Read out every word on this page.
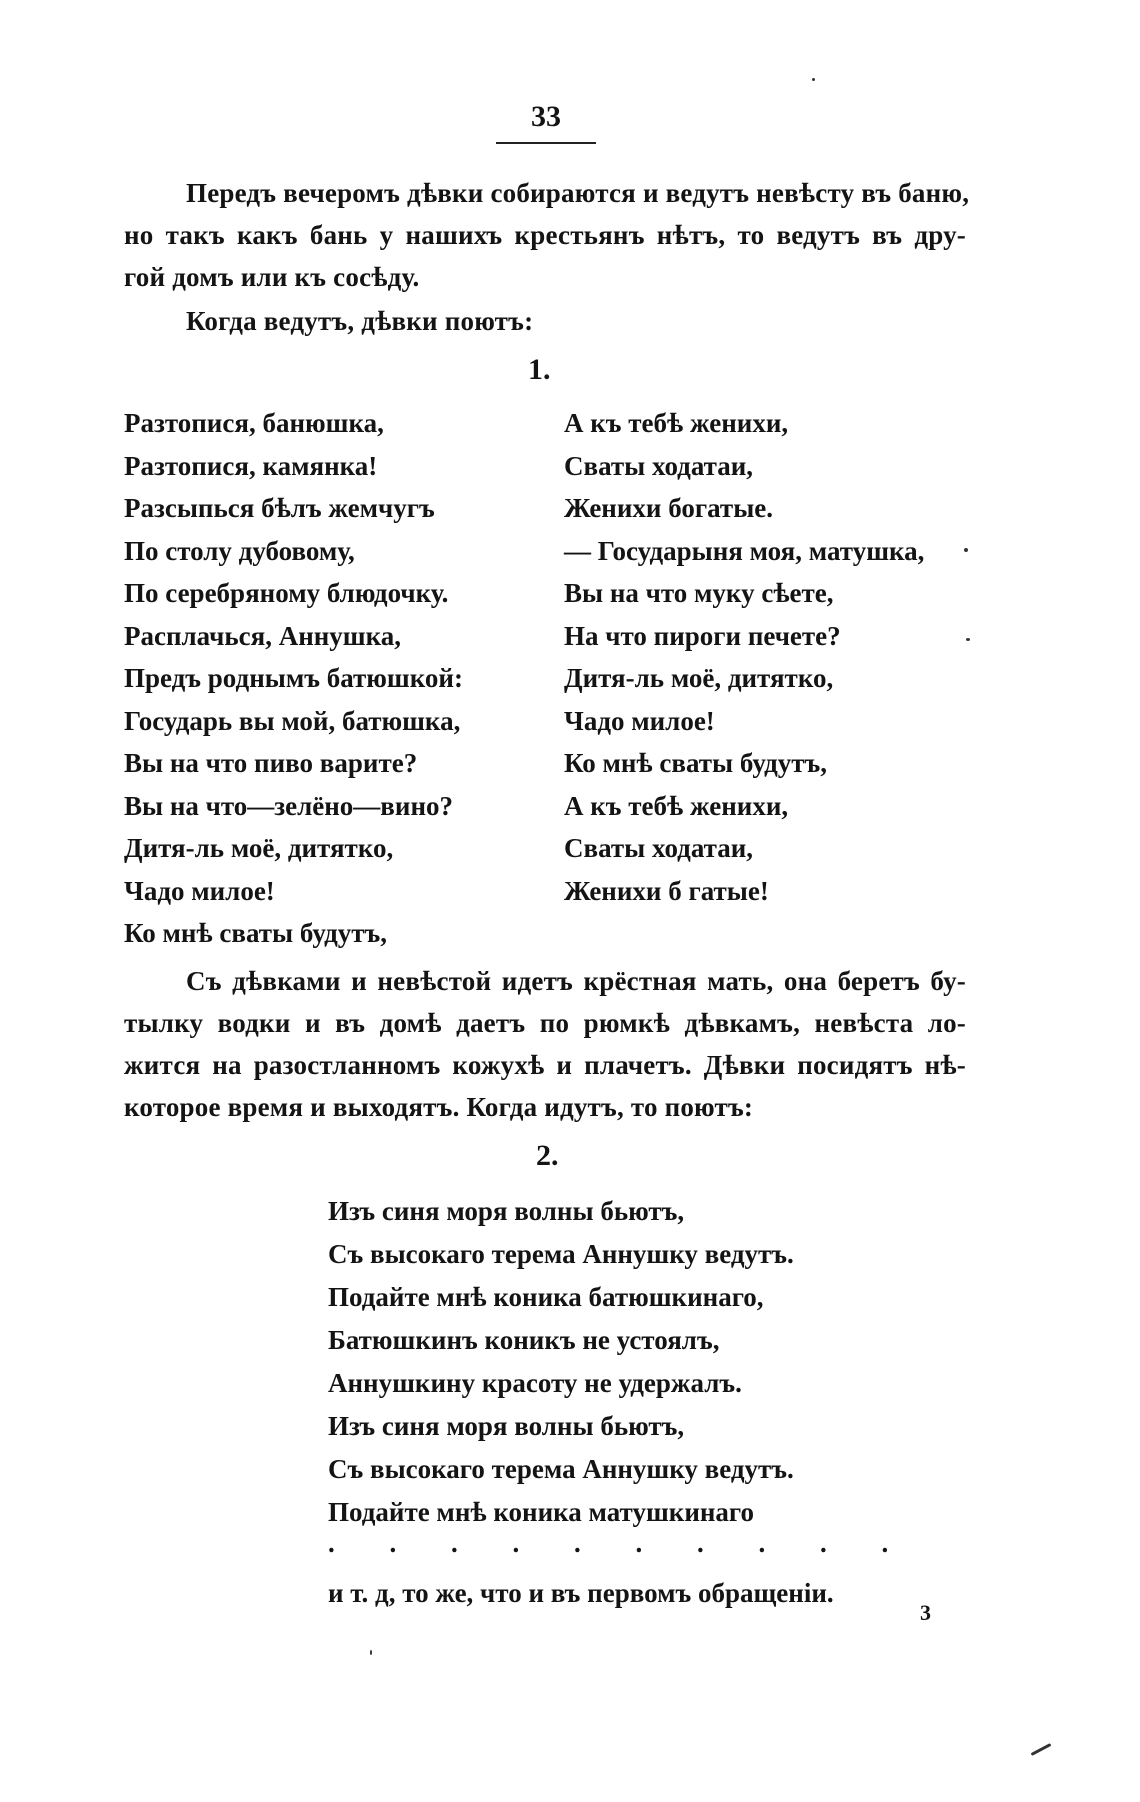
33
Передъ вечеромъ дѣвки собираются и ведутъ невѣсту въ баню,
но такъ какъ бань у нашихъ крестьянъ нѣтъ, то ведутъ въ дру-
гой домъ или къ сосѣду.
Когда ведутъ, дѣвки поютъ:
1.
Разтопися, банюшка,
Разтопися, камянка!
Разсыпься бѣлъ жемчугъ
По столу дубовому,
По серебряному блюдочку.
Расплачься, Аннушка,
Предъ роднымъ батюшкой:
Государь вы мой, батюшка,
Вы на что пиво варите?
Вы на что—зелёно—вино?
Дитя-ль моё, дитятко,
Чадо милое!
Ко мнѣ сваты будутъ,
А къ тебѣ женихи,
Сваты ходатаи,
Женихи богатые.
— Государыня моя, матушка,
Вы на что муку сѣете,
На что пироги печете?
Дитя-ль моё, дитятко,
Чадо милое!
Ко мнѣ сваты будутъ,
А къ тебѣ женихи,
Сваты ходатаи,
Женихи б гатые!
Съ дѣвками и невѣстой идетъ крёстная мать, она беретъ бу-
тылку водки и въ домѣ даетъ по рюмкѣ дѣвкамъ, невѣста ло-
жится на разостланномъ кожухѣ и плачетъ. Дѣвки посидятъ нѣ-
которое время и выходятъ. Когда идутъ, то поютъ:
2.
Изъ синя моря волны бьютъ,
Съ высокаго терема Аннушку ведутъ.
Подайте мнѣ коника батюшкинаго,
Батюшкинъ коникъ не устоялъ,
Аннушкину красоту не удержалъ.
Изъ синя моря волны бьютъ,
Съ высокаго терема Аннушку ведутъ.
Подайте мнѣ коника матушкинаго
. . . . . . . . . .
и т. д, то же, что и въ первомъ обращеніи.
3
